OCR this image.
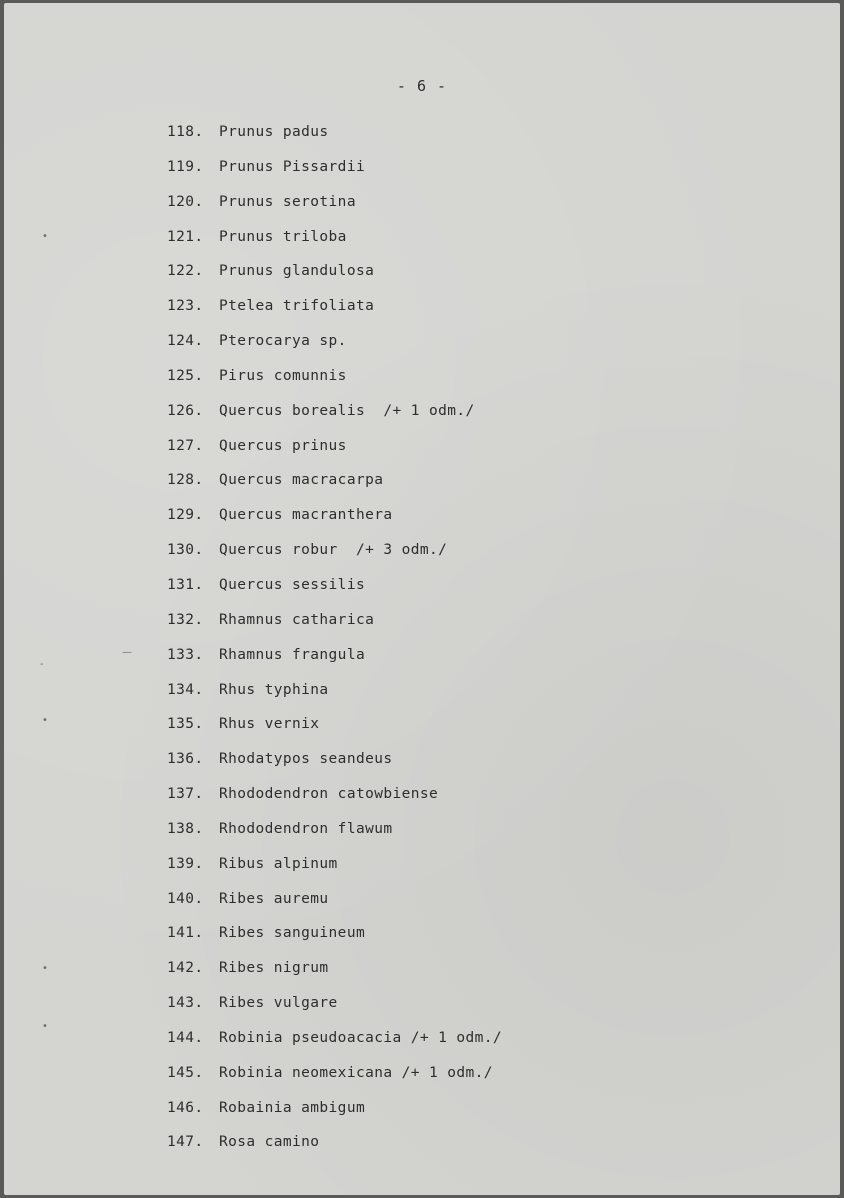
- 6 -
118. Prunus padus
119. Prunus Pissardii
120. Prunus serotina
121. Prunus triloba
122. Prunus glandulosa
123. Ptelea trifoliata
124. Pterocarya sp.
125. Pirus comunnis
126. Quercus borealis  /+ 1 odm./
127. Quercus prinus
128. Quercus macracarpa
129. Quercus macranthera
130. Quercus robur  /+ 3 odm./
131. Quercus sessilis
132. Rhamnus catharica
133. Rhamnus frangula
134. Rhus typhina
135. Rhus vernix
136. Rhodatypos seandeus
137. Rhododendron catowbiense
138. Rhododendron flawum
139. Ribus alpinum
140. Ribes auremu
141. Ribes sanguineum
142. Ribes nigrum
143. Ribes vulgare
144. Robinia pseudoacacia /+ 1 odm./
145. Robinia neomexicana /+ 1 odm./
146. Robainia ambigum
147. Rosa camino
•
-
—
•
•
•
